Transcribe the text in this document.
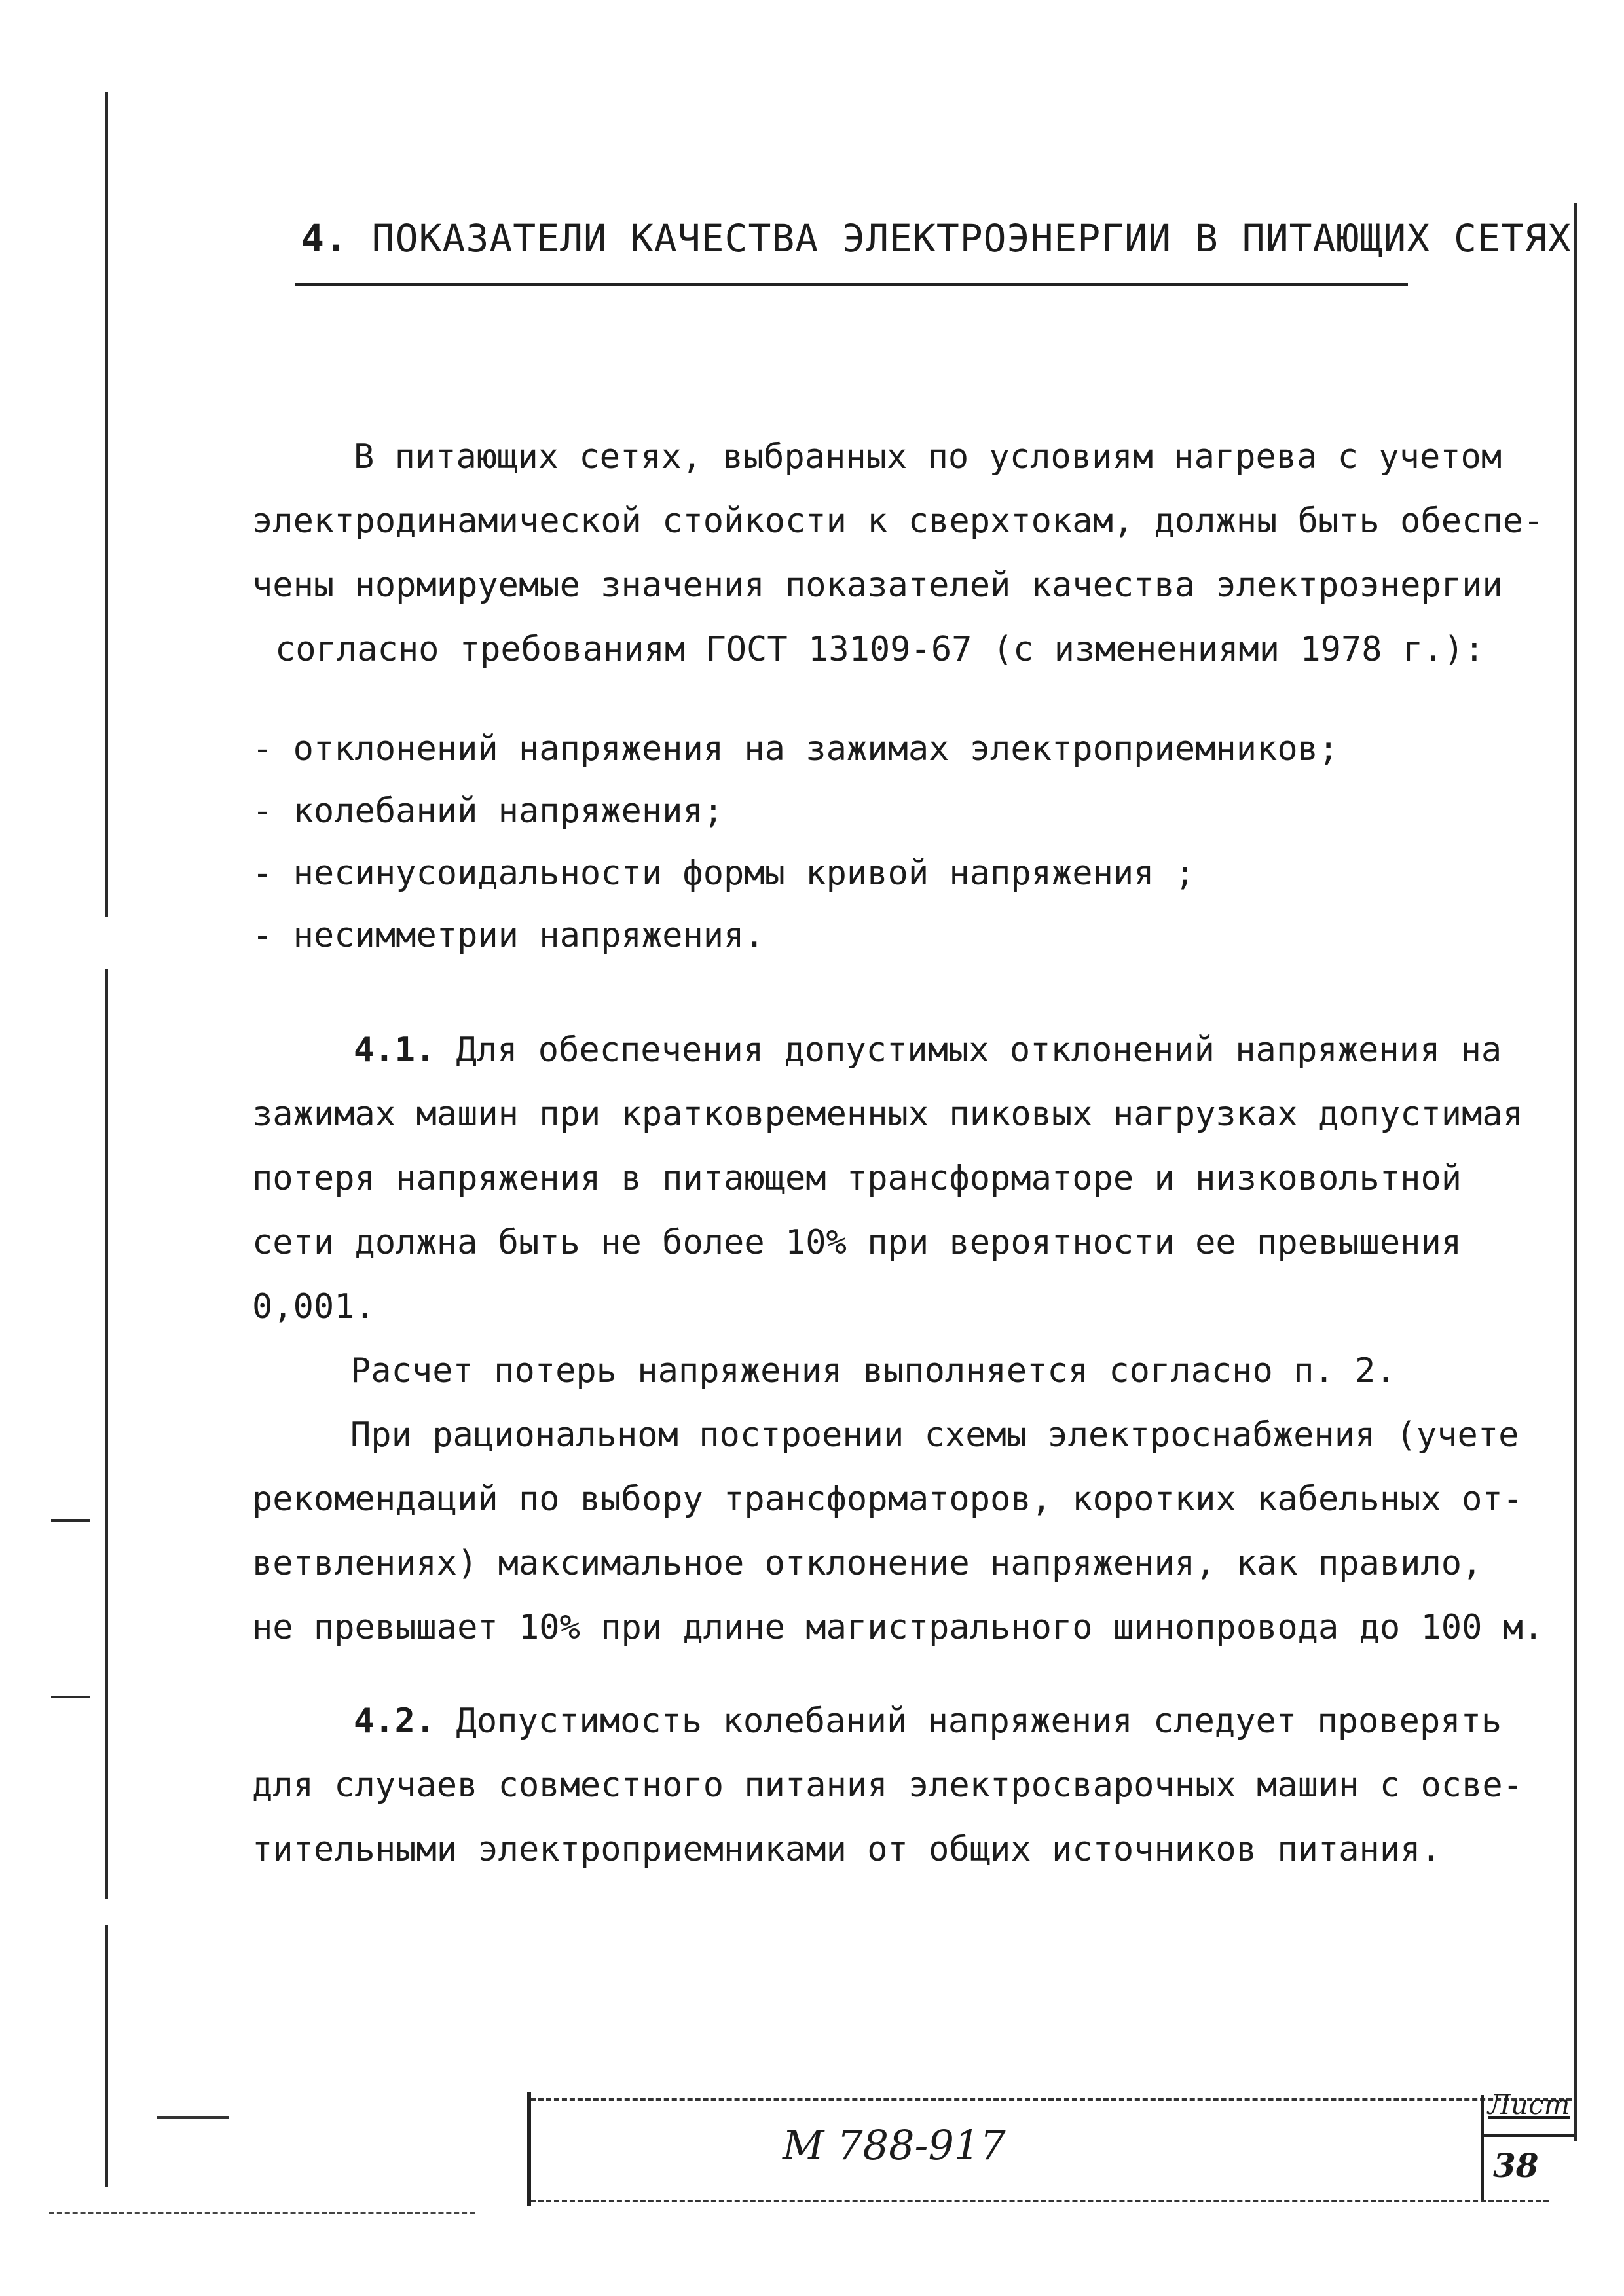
4. ПОКАЗАТЕЛИ КАЧЕСТВА ЭЛЕКТРОЭНЕРГИИ В ПИТАЮЩИХ СЕТЯХ
В питающих сетях, выбранных по условиям нагрева с учетом
электродинамической стойкости к сверхтокам, должны быть обеспе-
чены нормируемые значения показателей качества электроэнергии
согласно требованиям ГОСТ 13109-67 (с изменениями 1978 г.):
- отклонений напряжения на зажимах электроприемников;
- колебаний напряжения;
- несинусоидальности формы кривой напряжения ;
- несимметрии напряжения.
4.1. Для обеспечения допустимых отклонений напряжения на
зажимах машин при кратковременных пиковых нагрузках допустимая
потеря напряжения в питающем трансформаторе и низковольтной
сети должна быть не более 10% при вероятности ее превышения
0,001.
Расчет потерь напряжения выполняется согласно п. 2.
При рациональном построении схемы электроснабжения (учете
рекомендаций по выбору трансформаторов, коротких кабельных от-
ветвлениях) максимальное отклонение напряжения, как правило,
не превышает 10% при длине магистрального шинопровода до 100 м.
4.2. Допустимость колебаний напряжения следует проверять
для случаев совместного питания электросварочных машин с осве-
тительными электроприемниками от общих источников питания.
М 788-917
Лист
38
